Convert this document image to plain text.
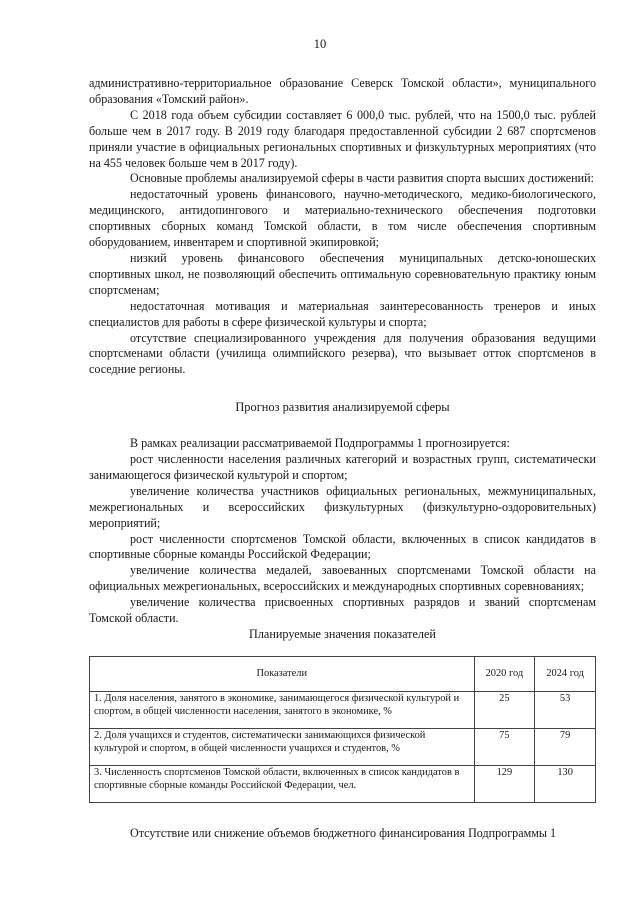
10

административно-территориальное образование Северск Томской области», муниципального образования «Томский район».

С 2018 года объем субсидии составляет 6 000,0 тыс. рублей, что на 1500,0 тыс. рублей больше чем в 2017 году. В 2019 году благодаря предоставленной субсидии 2 687 спортсменов приняли участие в официальных региональных спортивных и физкультурных мероприятиях (что на 455 человек больше чем в 2017 году).

Основные проблемы анализируемой сферы в части развития спорта высших достижений:

недостаточный уровень финансового, научно-методического, медико-биологического, медицинского, антидопингового и материально-технического обеспечения подготовки спортивных сборных команд Томской области, в том числе обеспечения спортивным оборудованием, инвентарем и спортивной экипировкой;

низкий уровень финансового обеспечения муниципальных детско-юношеских спортивных школ, не позволяющий обеспечить оптимальную соревновательную практику юным спортсменам;

недостаточная мотивация и материальная заинтересованность тренеров и иных специалистов для работы в сфере физической культуры и спорта;

отсутствие специализированного учреждения для получения образования ведущими спортсменами области (училища олимпийского резерва), что вызывает отток спортсменов в соседние регионы.

Прогноз развития анализируемой сферы

В рамках реализации рассматриваемой Подпрограммы 1 прогнозируется:

рост численности населения различных категорий и возрастных групп, систематически занимающегося физической культурой и спортом;

увеличение количества участников официальных региональных, межмуниципальных, межрегиональных и всероссийских физкультурных (физкультурно-оздоровительных) мероприятий;

рост численности спортсменов Томской области, включенных в список кандидатов в спортивные сборные команды Российской Федерации;

увеличение количества медалей, завоеванных спортсменами Томской области на официальных межрегиональных, всероссийских и международных спортивных соревнованиях;

увеличение количества присвоенных спортивных разрядов и званий спортсменам Томской области.

Планируемые значения показателей
Показатели	2020 год	2024 год
1. Доля населения, занятого в экономике, занимающегося физической культурой и спортом, в общей численности населения, занятого в экономике, %	25	53
2. Доля учащихся и студентов, систематически занимающихся физической культурой и спортом, в общей численности учащихся и студентов, %	75	79
3. Численность спортсменов Томской области, включенных в список кандидатов в спортивные сборные команды Российской Федерации, чел.	129	130

Отсутствие или снижение объемов бюджетного финансирования Подпрограммы 1
